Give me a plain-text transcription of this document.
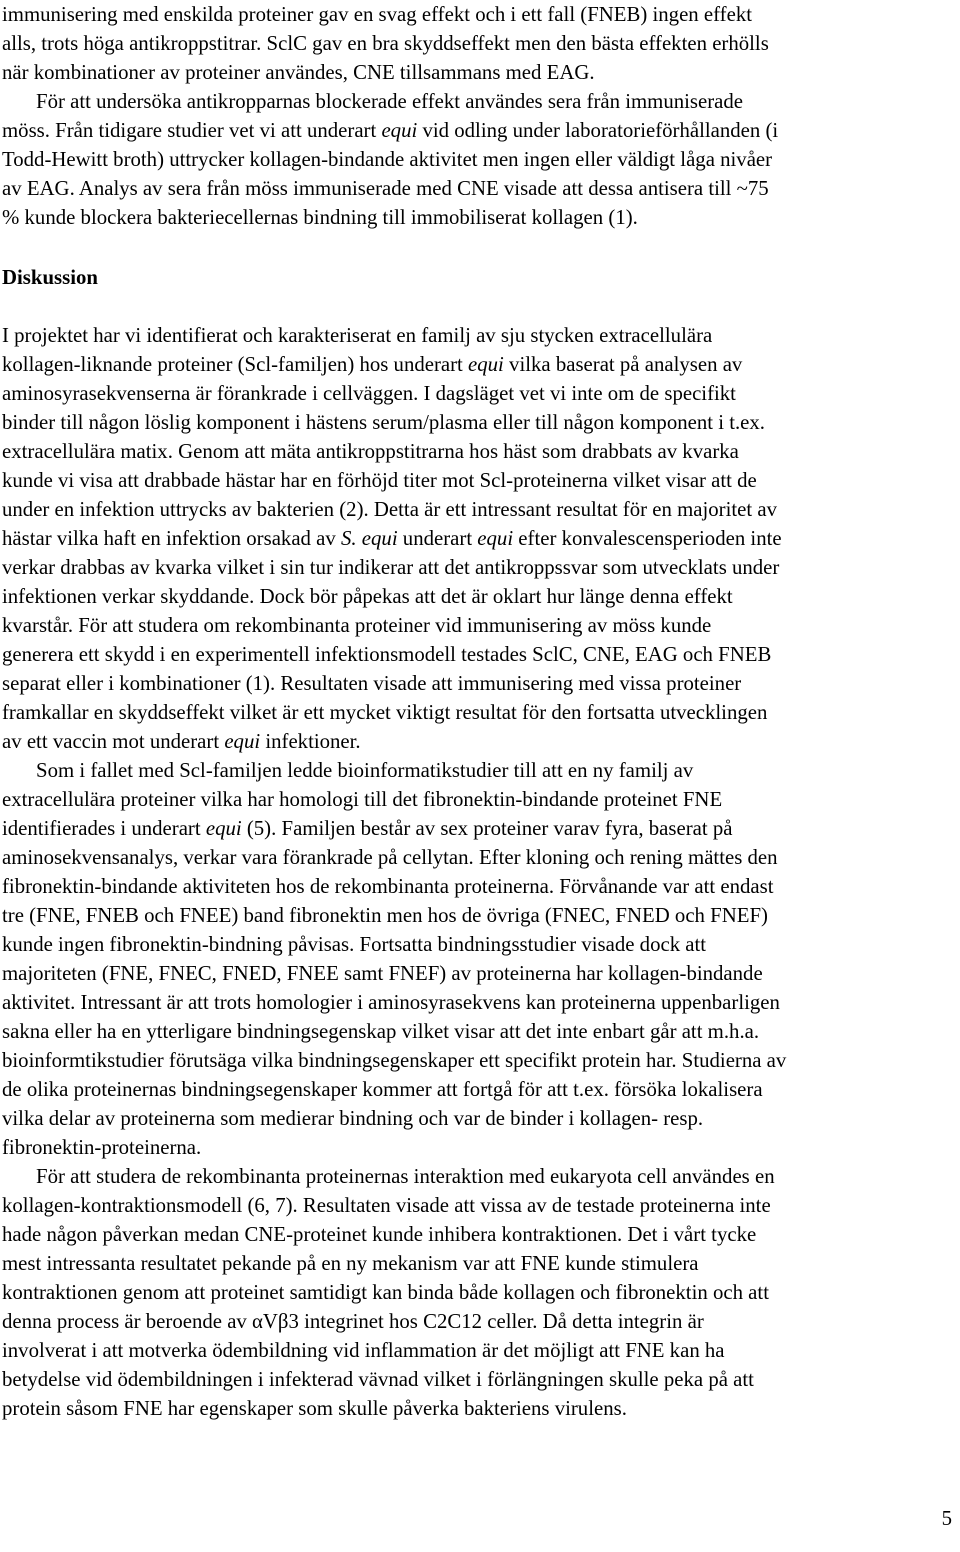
immunisering med enskilda proteiner gav en svag effekt och i ett fall (FNEB) ingen effekt
alls, trots höga antikroppstitrar. SclC gav en bra skyddseffekt men den bästa effekten erhölls
när kombinationer av proteiner användes, CNE tillsammans med EAG.
För att undersöka antikropparnas blockerade effekt användes sera från immuniserade
möss. Från tidigare studier vet vi att underart equi vid odling under laboratorieförhållanden (i
Todd-Hewitt broth) uttrycker kollagen-bindande aktivitet men ingen eller väldigt låga nivåer
av EAG. Analys av sera från möss immuniserade med CNE visade att dessa antisera till ~75
% kunde blockera bakteriecellernas bindning till immobiliserat kollagen (1).
Diskussion
I projektet har vi identifierat och karakteriserat en familj av sju stycken extracellulära
kollagen-liknande proteiner (Scl-familjen) hos underart equi vilka baserat på analysen av
aminosyrasekvenserna är förankrade i cellväggen. I dagsläget vet vi inte om de specifikt
binder till någon löslig komponent i hästens serum/plasma eller till någon komponent i t.ex.
extracellulära matix. Genom att mäta antikroppstitrarna hos häst som drabbats av kvarka
kunde vi visa att drabbade hästar har en förhöjd titer mot Scl-proteinerna vilket visar att de
under en infektion uttrycks av bakterien (2). Detta är ett intressant resultat för en majoritet av
hästar vilka haft en infektion orsakad av S. equi underart equi efter konvalescensperioden inte
verkar drabbas av kvarka vilket i sin tur indikerar att det antikroppssvar som utvecklats under
infektionen verkar skyddande. Dock bör påpekas att det är oklart hur länge denna effekt
kvarstår. För att studera om rekombinanta proteiner vid immunisering av möss kunde
generera ett skydd i en experimentell infektionsmodell testades SclC, CNE, EAG och FNEB
separat eller i kombinationer (1). Resultaten visade att immunisering med vissa proteiner
framkallar en skyddseffekt vilket är ett mycket viktigt resultat för den fortsatta utvecklingen
av ett vaccin mot underart equi infektioner.
Som i fallet med Scl-familjen ledde bioinformatikstudier till att en ny familj av
extracellulära proteiner vilka har homologi till det fibronektin-bindande proteinet FNE
identifierades i underart equi (5). Familjen består av sex proteiner varav fyra, baserat på
aminosekvensanalys, verkar vara förankrade på cellytan. Efter kloning och rening mättes den
fibronektin-bindande aktiviteten hos de rekombinanta proteinerna. Förvånande var att endast
tre (FNE, FNEB och FNEE) band fibronektin men hos de övriga (FNEC, FNED och FNEF)
kunde ingen fibronektin-bindning påvisas. Fortsatta bindningsstudier visade dock att
majoriteten (FNE, FNEC, FNED, FNEE samt FNEF) av proteinerna har kollagen-bindande
aktivitet. Intressant är att trots homologier i aminosyrasekvens kan proteinerna uppenbarligen
sakna eller ha en ytterligare bindningsegenskap vilket visar att det inte enbart går att m.h.a.
bioinformtikstudier förutsäga vilka bindningsegenskaper ett specifikt protein har. Studierna av
de olika proteinernas bindningsegenskaper kommer att fortgå för att t.ex. försöka lokalisera
vilka delar av proteinerna som medierar bindning och var de binder i kollagen- resp.
fibronektin-proteinerna.
För att studera de rekombinanta proteinernas interaktion med eukaryota cell användes en
kollagen-kontraktionsmodell (6, 7). Resultaten visade att vissa av de testade proteinerna inte
hade någon påverkan medan CNE-proteinet kunde inhibera kontraktionen. Det i vårt tycke
mest intressanta resultatet pekande på en ny mekanism var att FNE kunde stimulera
kontraktionen genom att proteinet samtidigt kan binda både kollagen och fibronektin och att
denna process är beroende av αVβ3 integrinet hos C2C12 celler. Då detta integrin är
involverat i att motverka ödembildning vid inflammation är det möjligt att FNE kan ha
betydelse vid ödembildningen i infekterad vävnad vilket i förlängningen skulle peka på att
protein såsom FNE har egenskaper som skulle påverka bakteriens virulens.
5
